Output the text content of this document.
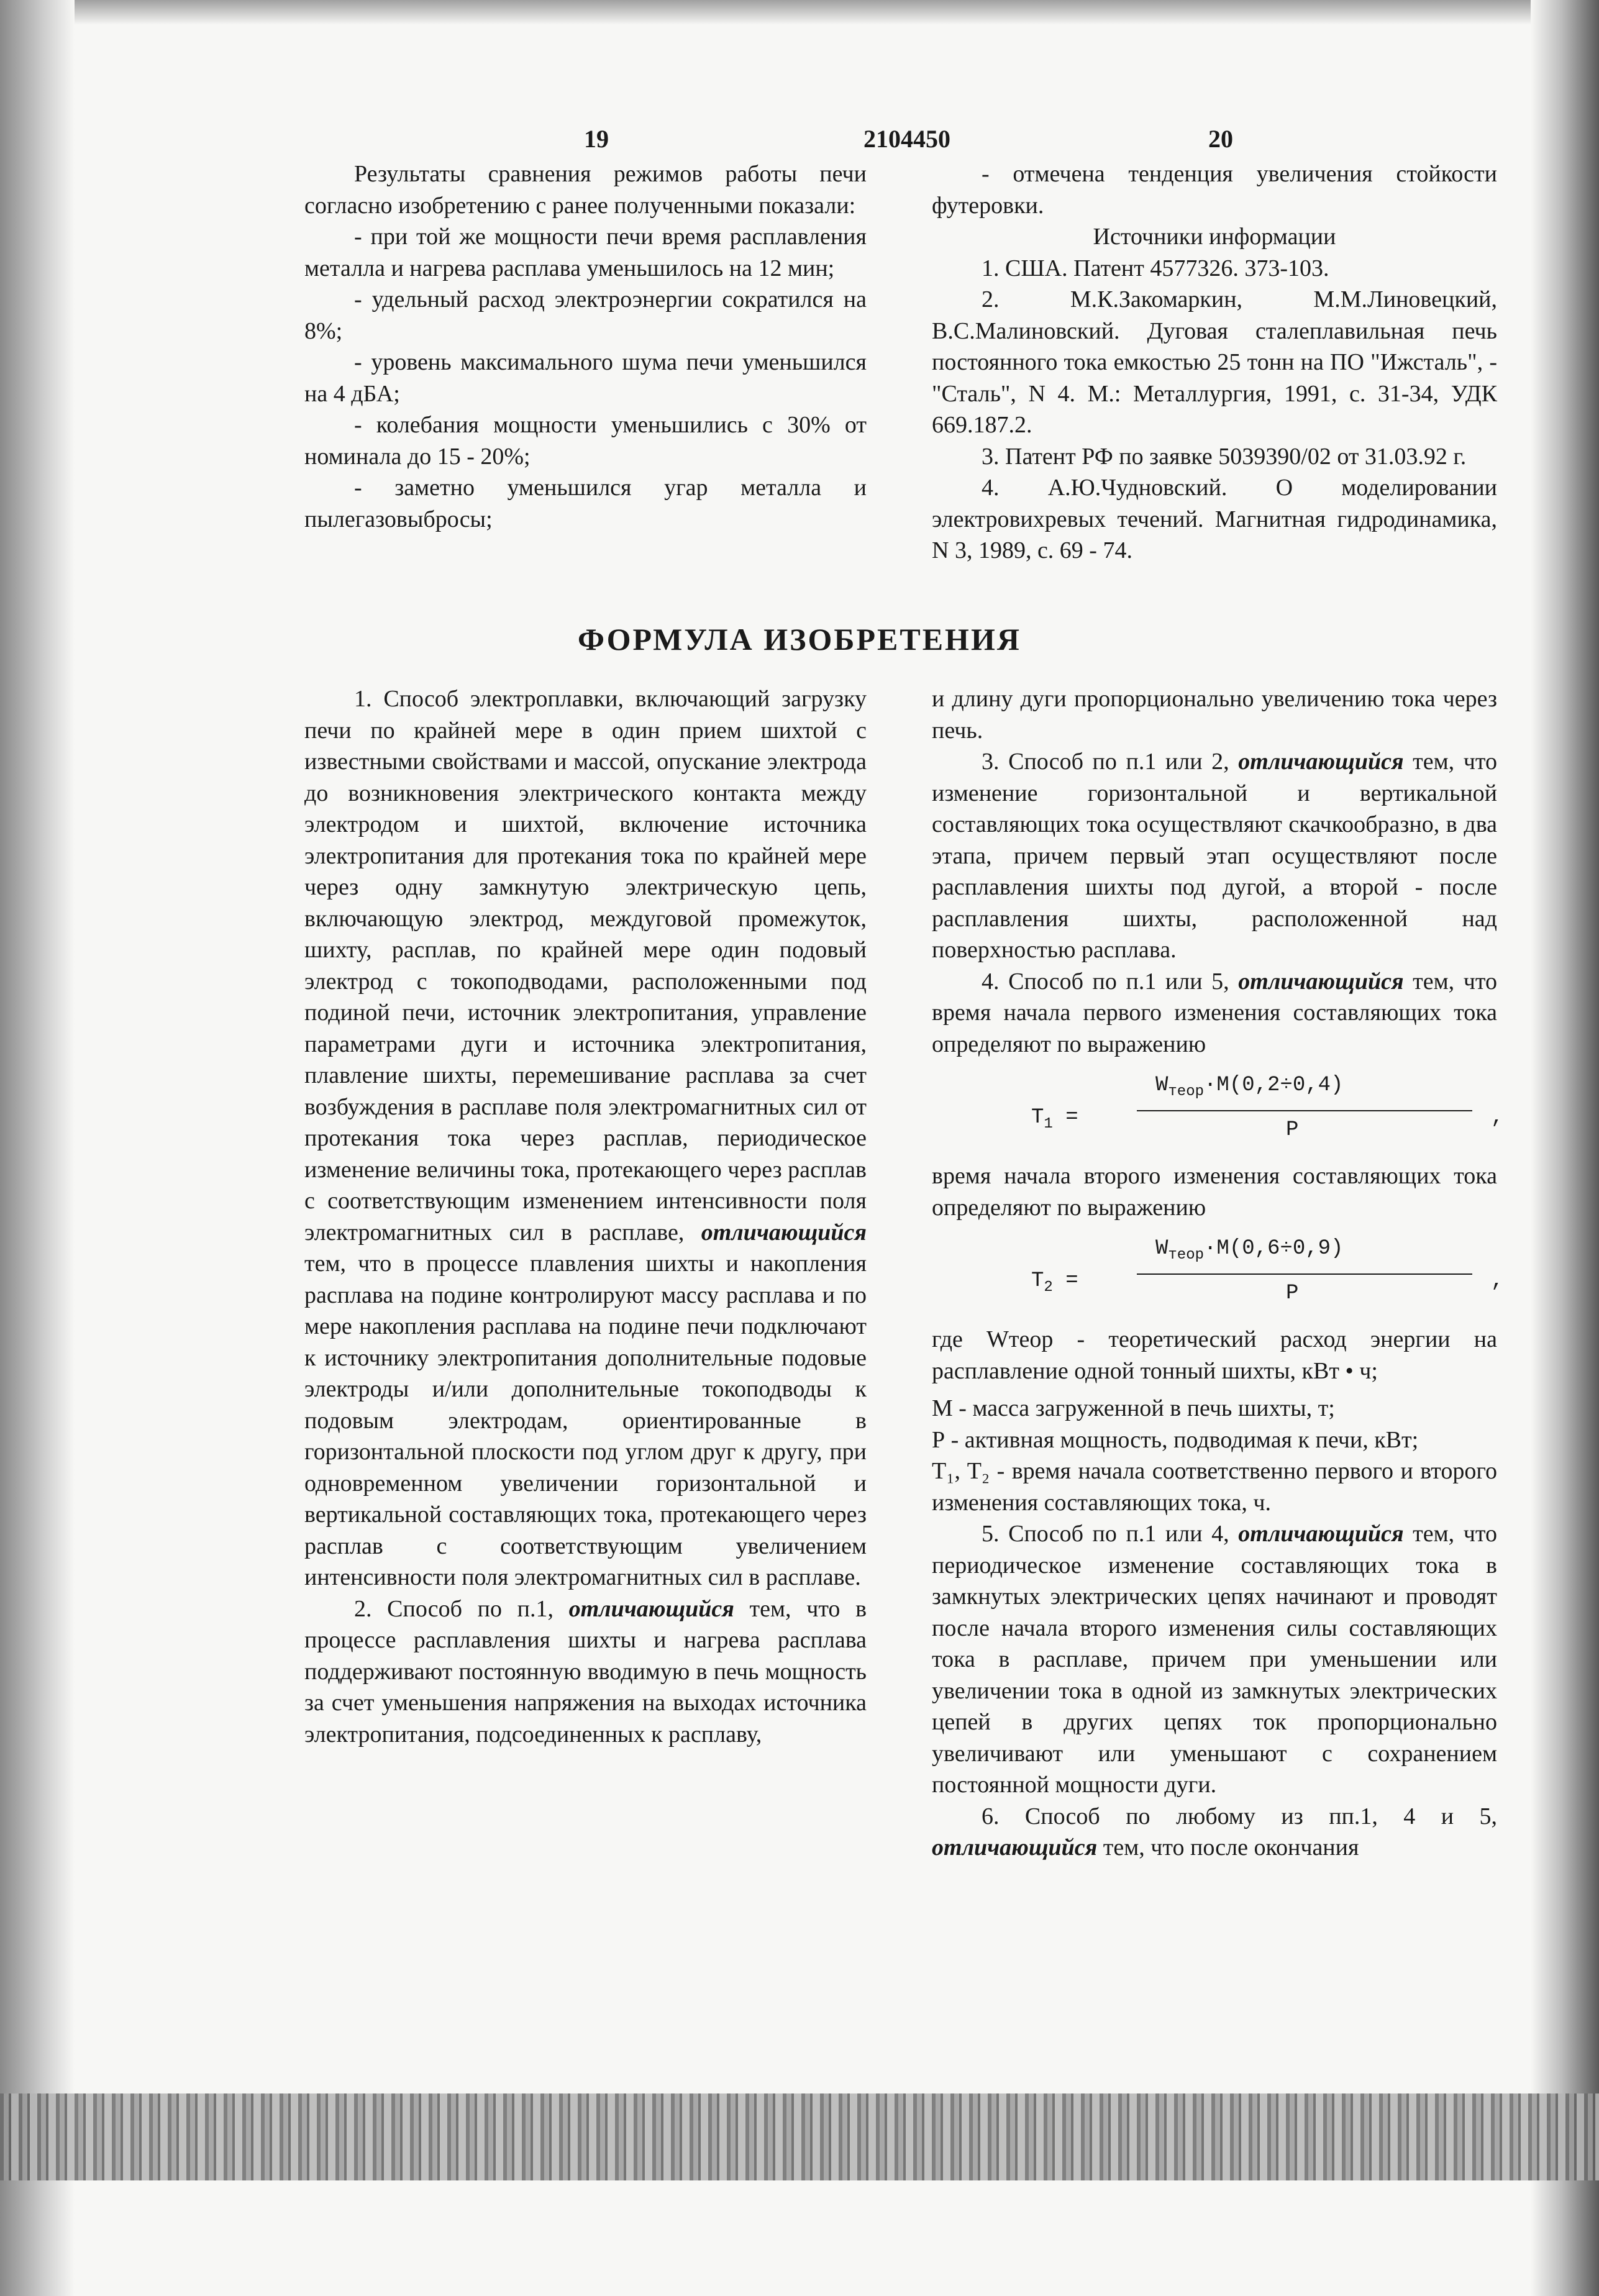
19	2104450	20

Результаты сравнения режимов работы печи согласно изобретению с ранее полученными показали:

- при той же мощности печи время расплавления металла и нагрева расплава уменьшилось на 12 мин;

- удельный расход электроэнергии сократился на 8%;

- уровень максимального шума печи уменьшился на 4 дБА;

- колебания мощности уменьшились с 30% от номинала до 15 - 20%;

- заметно уменьшился угар металла и пылегазовыбросы;

- отмечена тенденция увеличения стойкости футеровки.

Источники информации

1. США. Патент 4577326. 373-103.

2. М.К.Закомаркин, М.М.Линовецкий, В.С.Малиновский. Дуговая сталеплавильная печь постоянного тока емкостью 25 тонн на ПО "Ижсталь", -"Сталь", N 4. М.: Металлургия, 1991, с. 31-34, УДК 669.187.2.

3. Патент РФ по заявке 5039390/02 от 31.03.92 г.

4. А.Ю.Чудновский. О моделировании электровихревых течений. Магнитная гидродинамика, N 3, 1989, с. 69 - 74.

ФОРМУЛА ИЗОБРЕТЕНИЯ

1. Способ электроплавки, включающий загрузку печи по крайней мере в один прием шихтой с известными свойствами и массой, опускание электрода до возникновения электрического контакта между электродом и шихтой, включение источника электропитания для протекания тока по крайней мере через одну замкнутую электрическую цепь, включающую электрод, междуговой промежуток, шихту, расплав, по крайней мере один подовый электрод с токоподводами, расположенными под подиной печи, источник электропитания, управление параметрами дуги и источника электропитания, плавление шихты, перемешивание расплава за счет возбуждения в расплаве поля электромагнитных сил от протекания тока через расплав, периодическое изменение величины тока, протекающего через расплав с соответствующим изменением интенсивности поля электромагнитных сил в расплаве, отличающийся тем, что в процессе плавления шихты и накопления расплава на подине контролируют массу расплава и по мере накопления расплава на подине печи подключают к источнику электропитания дополнительные подовые электроды и/или дополнительные токоподводы к подовым электродам, ориентированные в горизонтальной плоскости под углом друг к другу, при одновременном увеличении горизонтальной и вертикальной составляющих тока, протекающего через расплав с соответствующим увеличением интенсивности поля электромагнитных сил в расплаве.

2. Способ по п.1, отличающийся тем, что в процессе расплавления шихты и нагрева расплава поддерживают постоянную вводимую в печь мощность за счет уменьшения напряжения на выходах источника электропитания, подсоединенных к расплаву,

и длину дуги пропорционально увеличению тока через печь.

3. Способ по п.1 или 2, отличающийся тем, что изменение горизонтальной и вертикальной составляющих тока осуществляют скачкообразно, в два этапа, причем первый этап осуществляют после расплавления шихты под дугой, а второй - после расплавления шихты, расположенной над поверхностью расплава.

4. Способ по п.1 или 5, отличающийся тем, что время начала первого изменения составляющих тока определяют по выражению

$T_1$ =
$W_{теор}\cdot M(0,2\div 0,4)$
P
,

время начала второго изменения составляющих тока определяют по выражению

$T_2$ =
$W_{теор}\cdot M(0,6\div 0,9)$
P
,

где Wтеор - теоретический расход энергии на расплавление одной тонный шихты, кВт • ч;

М - масса загруженной в печь шихты, т;

Р - активная мощность, подводимая к печи, кВт;

T₁, T₂ - время начала соответственно первого и второго изменения составляющих тока, ч.

5. Способ по п.1 или 4, отличающийся тем, что периодическое изменение составляющих тока в замкнутых электрических цепях начинают и проводят после начала второго изменения силы составляющих тока в расплаве, причем при уменьшении или увеличении тока в одной из замкнутых электрических цепей в других цепях ток пропорционально увеличивают или уменьшают с сохранением постоянной мощности дуги.

6. Способ по любому из пп.1, 4 и 5, отличающийся тем, что после окончания
